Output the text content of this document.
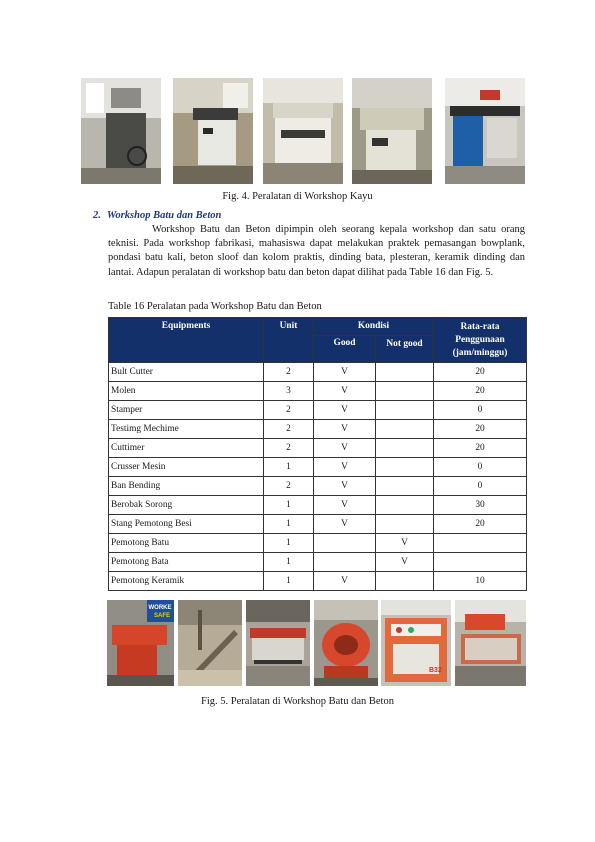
Fig. 4. Peralatan di Workshop Kayu
2. Workshop Batu dan Beton

Workshop Batu dan Beton dipimpin oleh seorang kepala workshop dan satu orang teknisi. Pada workshop fabrikasi, mahasiswa dapat melakukan praktek pemasangan bowplank, pondasi batu kali, beton sloof dan kolom praktis, dinding bata, plesteran, keramik dinding dan lantai. Adapun peralatan di workshop batu dan beton dapat dilihat pada Table 16 dan Fig. 5.

Table 16 Peralatan pada Workshop Batu dan Beton
Equipments	Unit	Kondisi		Rata-rata Penggunaan (jam/minggu)
		Good	Not good	
Bult Cutter	2	V		20
Molen	3	V		20
Stamper	2	V		0
Testimg Mechime	2	V		20
Cuttimer	2	V		20
Crusser Mesin	1	V		0
Ban Bending	2	V		0
Berobak Sorong	1	V		30
Stang Pemotong Besi	1	V		20
Pemotong Batu	1		V	
Pemotong Bata	1		V	
Pemotong Keramik	1	V		10
WORKE
SAFE
B32
Fig. 5. Peralatan di Workshop Batu dan Beton
